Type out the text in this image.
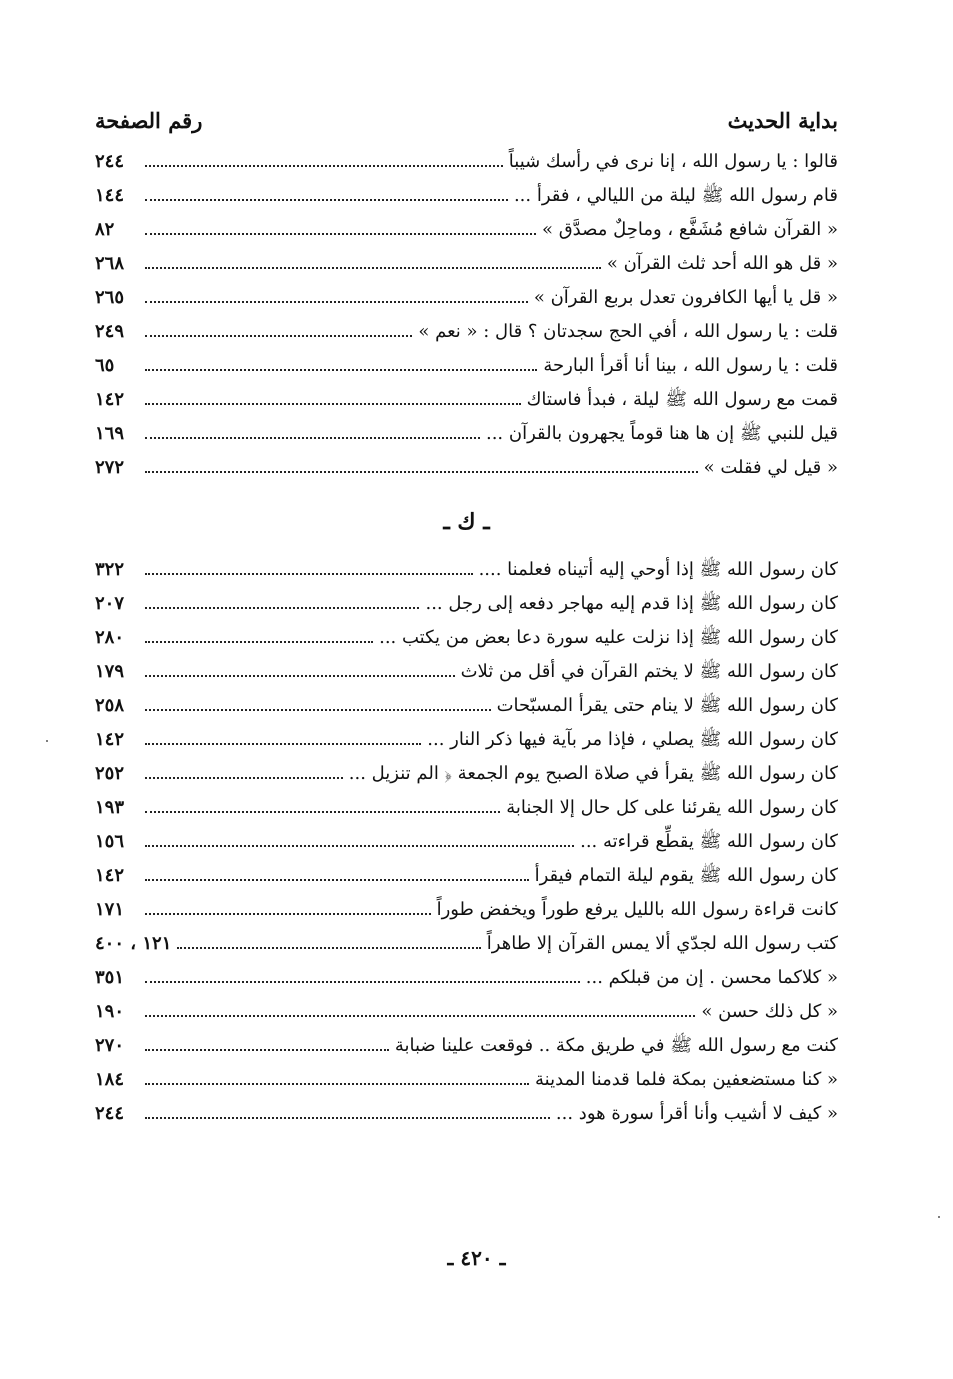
بداية الحديث
رقم الصفحة
قالوا : يا رسول الله ، إنا نرى في رأسك شيباً
٢٤٤
قام رسول الله ﷺ ليلة من الليالي ، فقرأ ...
١٤٤
« القرآن شافع مُشَفَّع ، وماحِلٌ مصدَّق »
٨٢
« قل هو الله أحد ثلث القرآن »
٢٦٨
« قل يا أيها الكافرون تعدل بربع القرآن »
٢٦٥
قلت : يا رسول الله ، أفي الحج سجدتان ؟ قال : « نعم »
٢٤٩
قلت : يا رسول الله ، بينا أنا أقرأ البارحة
٦٥
قمت مع رسول الله ﷺ ليلة ، فبدأ فاستاك
١٤٢
قيل للنبي ﷺ إن ها هنا قوماً يجهرون بالقرآن ...
١٦٩
« قيل لي فقلت »
٢٧٢
ـ ك ـ
كان رسول الله ﷺ إذا أوحي إليه أتيناه فعلمنا ....
٣٢٢
كان رسول الله ﷺ إذا قدم إليه مهاجر دفعه إلى رجل ...
٢٠٧
كان رسول الله ﷺ إذا نزلت عليه سورة دعا بعض من يكتب ...
٢٨٠
كان رسول الله ﷺ لا يختم القرآن في أقل من ثلاث
١٧٩
كان رسول الله ﷺ لا ينام حتى يقرأ المسبّحات
٢٥٨
كان رسول الله ﷺ يصلي ، فإذا مر بآية فيها ذكر النار ...
١٤٢
كان رسول الله ﷺ يقرأ في صلاة الصبح يوم الجمعة ﴿ الم تنزيل ...
٢٥٢
كان رسول الله يقرئنا على كل حال إلا الجنابة
١٩٣
كان رسول الله ﷺ يقطِّع قراءته ...
١٥٦
كان رسول الله ﷺ يقوم ليلة التمام فيقرأ
١٤٢
كانت قراءة رسول الله بالليل يرفع طوراً ويخفض طوراً
١٧١
كتب رسول الله لجدّي ألا يمس القرآن إلا طاهراً
١٢١ ، ٤٠٠
« كلاكما محسن . إن من قبلكم ...
٣٥١
« كل ذلك حسن »
١٩٠
كنت مع رسول الله ﷺ في طريق مكة .. فوقعت علينا ضبابة
٢٧٠
« كنا مستضعفين بمكة فلما قدمنا المدينة
١٨٤
« كيف لا أشيب وأنا أقرأ سورة هود ...
٢٤٤
ـ ٤٢٠ ـ
